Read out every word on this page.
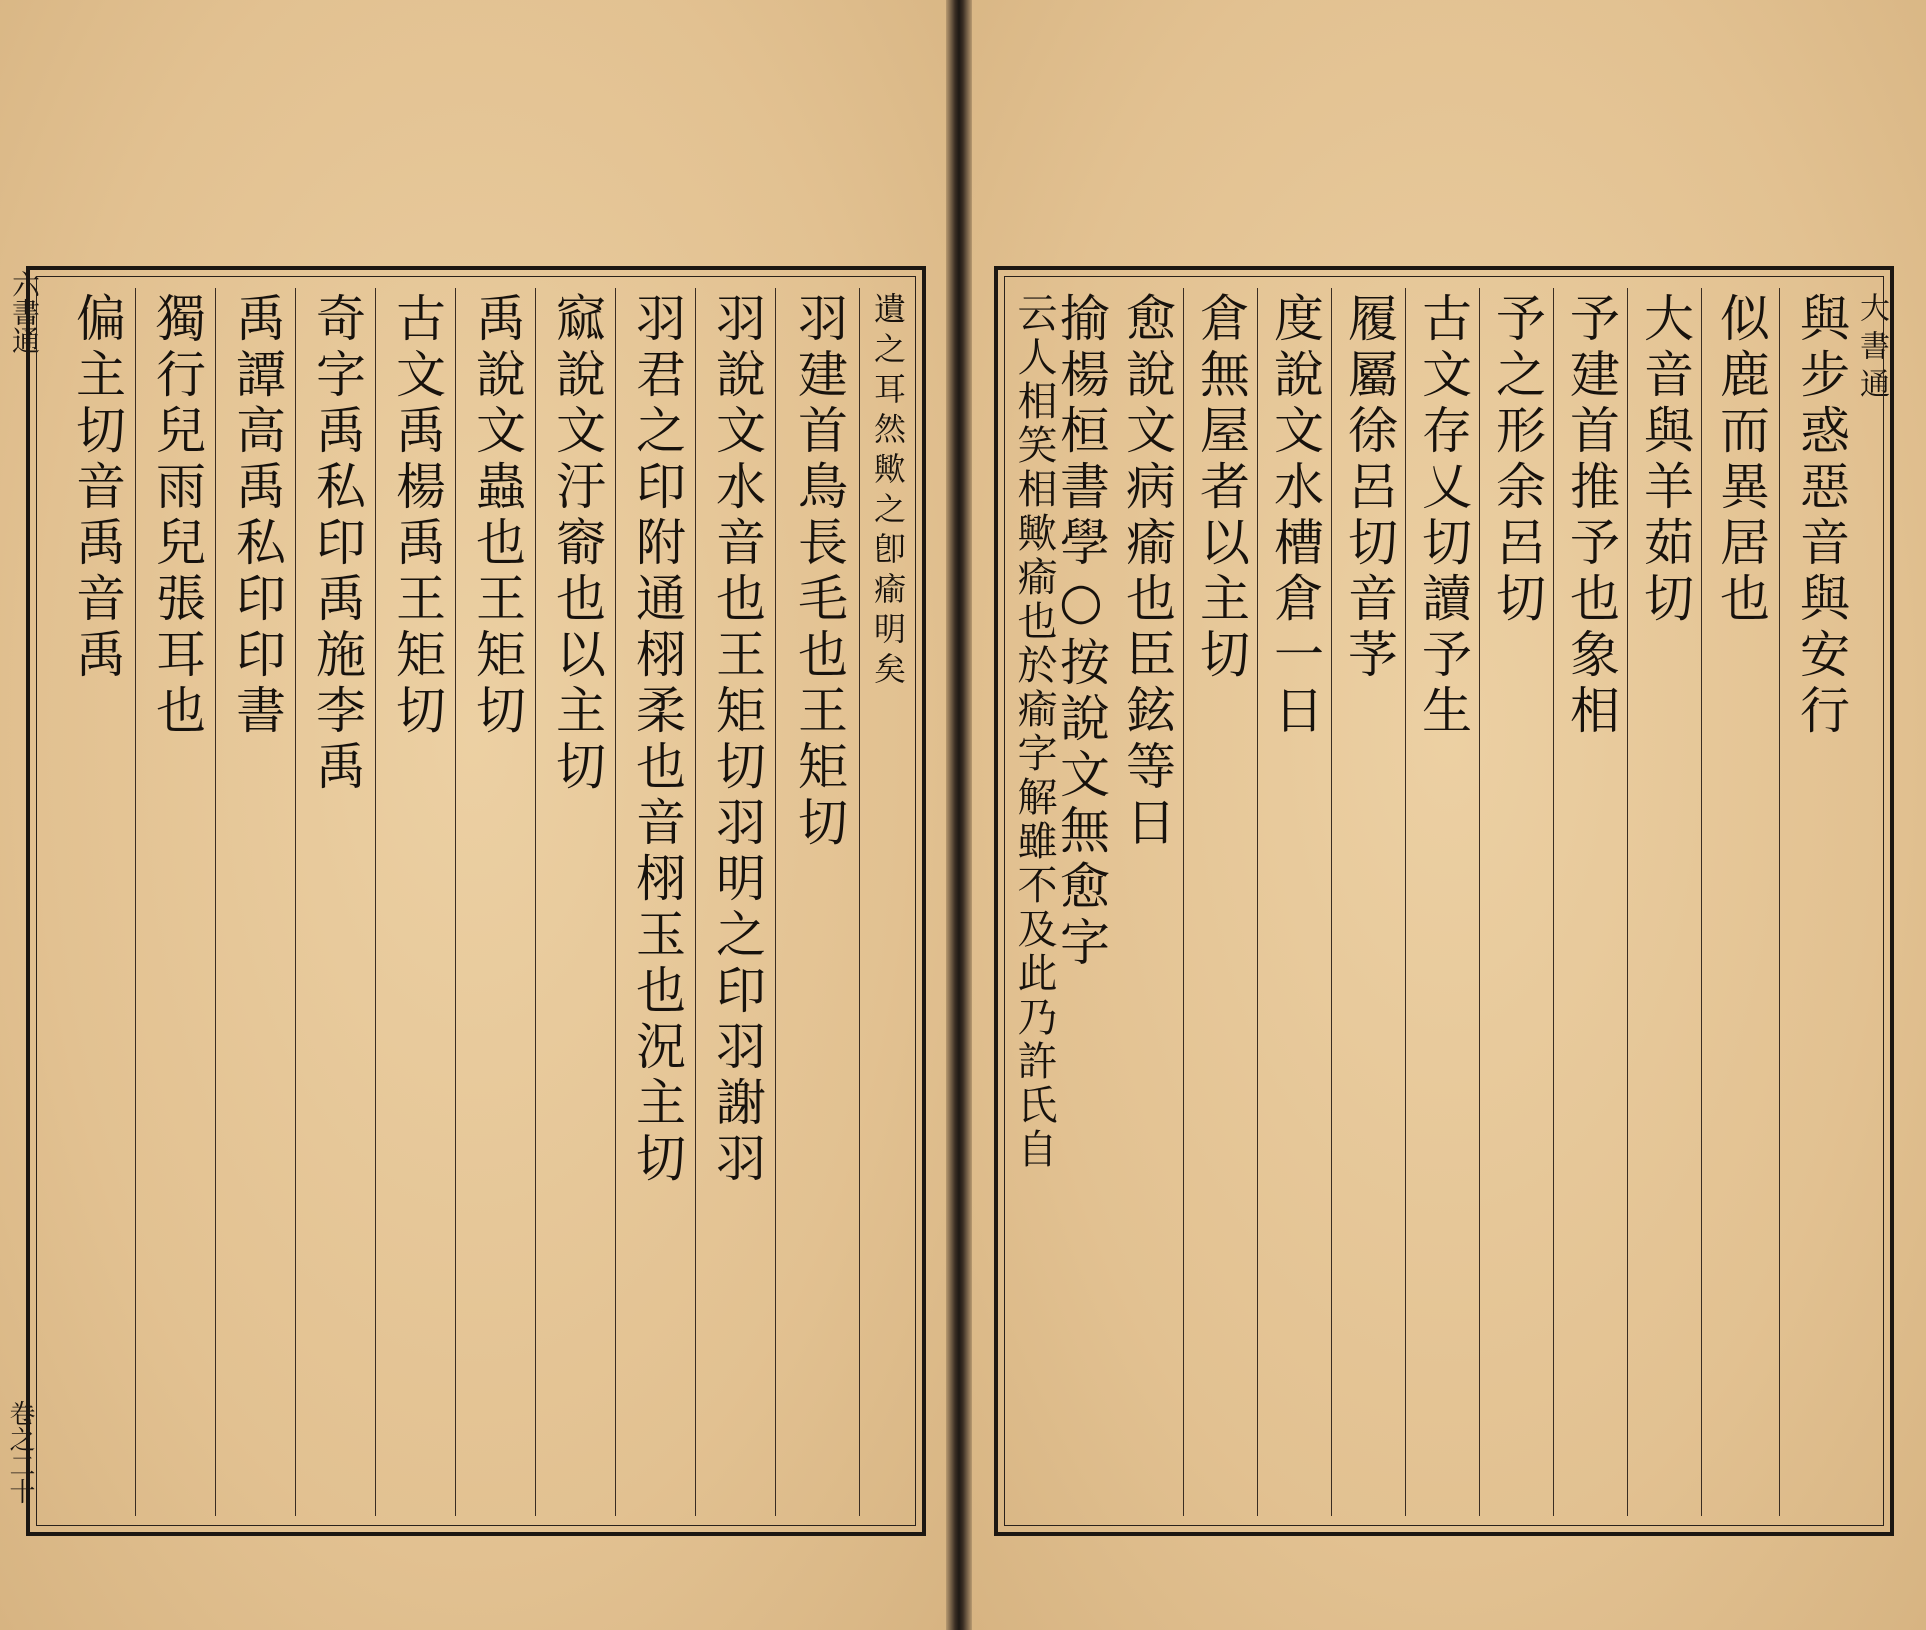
六書通
卷之二十
遺之耳然歟之卽瘉明矣
羽建首鳥長毛也王矩切
羽說文水音也王矩切羽明之印羽謝羽
羽君之印附通栩柔也音栩玉也況主切
窳說文汙窬也以主切
禹說文蟲也王矩切
古文禹楊禹王矩切
奇字禹私印禹施李禹
禹譚高禹私印印書
獨行兒雨兒張耳也
偏主切音禹音禹	大書通
與步惑惡音與安行
似鹿而異居也
大音與羊茹切
予建首推予也象相
予之形余呂切
古文存乂切讀予生
履屬徐呂切音芧
度說文水槽倉一日
倉無屋者以主切
愈說文病瘉也臣鉉等日
揄楊桓書學○按說文無愈字
云人相笑相歟瘉也於瘉字解雖不及此乃許氏自
